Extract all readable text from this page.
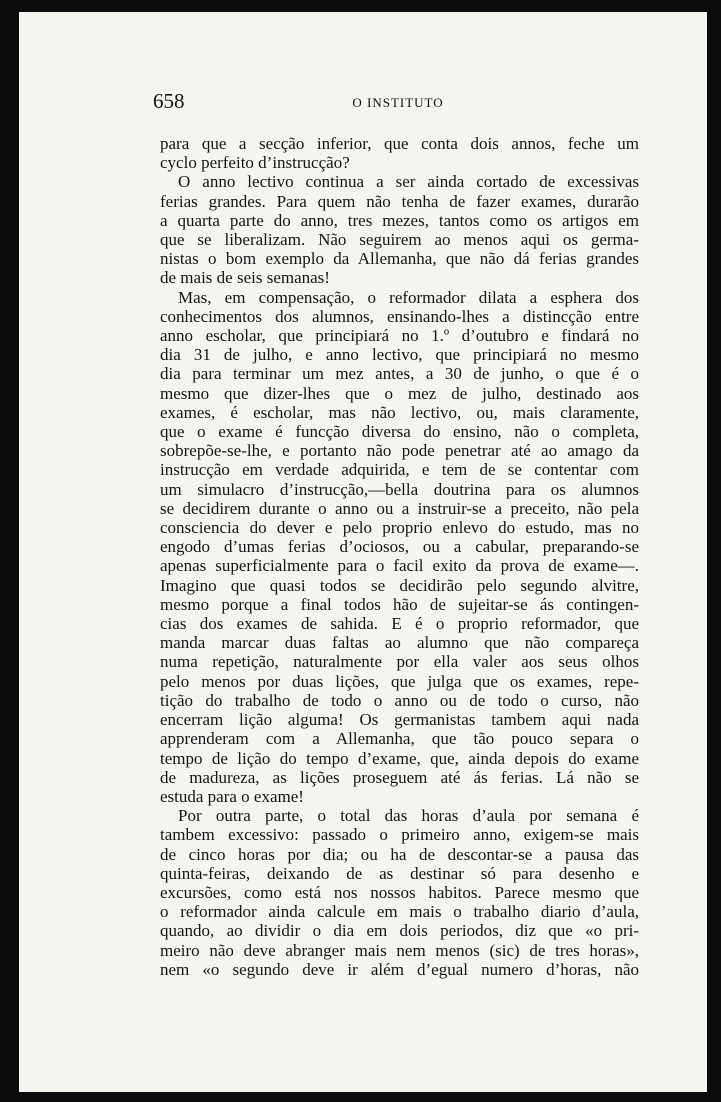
658	O INSTITUTO
para que a secção inferior, que conta dois annos, feche um
cyclo perfeito d’instrucção?
O anno lectivo continua a ser ainda cortado de excessivas
ferias grandes. Para quem não tenha de fazer exames, durarão
a quarta parte do anno, tres mezes, tantos como os artigos em
que se liberalizam. Não seguirem ao menos aqui os germa-
nistas o bom exemplo da Allemanha, que não dá ferias grandes
de mais de seis semanas!
Mas, em compensação, o reformador dilata a esphera dos
conhecimentos dos alumnos, ensinando-lhes a distincção entre
anno escholar, que principiará no 1.º d’outubro e findará no
dia 31 de julho, e anno lectivo, que principiará no mesmo
dia para terminar um mez antes, a 30 de junho, o que é o
mesmo que dizer-lhes que o mez de julho, destinado aos
exames, é escholar, mas não lectivo, ou, mais claramente,
que o exame é funcção diversa do ensino, não o completa,
sobrepõe-se-lhe, e portanto não pode penetrar até ao amago da
instrucção em verdade adquirida, e tem de se contentar com
um simulacro d’instrucção,—bella doutrina para os alumnos
se decidirem durante o anno ou a instruir-se a preceito, não pela
consciencia do dever e pelo proprio enlevo do estudo, mas no
engodo d’umas ferias d’ociosos, ou a cabular, preparando-se
apenas superficialmente para o facil exito da prova de exame—.
Imagino que quasi todos se decidirão pelo segundo alvitre,
mesmo porque a final todos hão de sujeitar-se ás contingen-
cias dos exames de sahida. E é o proprio reformador, que
manda marcar duas faltas ao alumno que não compareça
numa repetição, naturalmente por ella valer aos seus olhos
pelo menos por duas lições, que julga que os exames, repe-
tição do trabalho de todo o anno ou de todo o curso, não
encerram lição alguma! Os germanistas tambem aqui nada
apprenderam com a Allemanha, que tão pouco separa o
tempo de lição do tempo d’exame, que, ainda depois do exame
de madureza, as lições proseguem até ás ferias. Lá não se
estuda para o exame!
Por outra parte, o total das horas d’aula por semana é
tambem excessivo: passado o primeiro anno, exigem-se mais
de cinco horas por dia; ou ha de descontar-se a pausa das
quinta-feiras, deixando de as destinar só para desenho e
excursões, como está nos nossos habitos. Parece mesmo que
o reformador ainda calcule em mais o trabalho diario d’aula,
quando, ao dividir o dia em dois periodos, diz que «o pri-
meiro não deve abranger mais nem menos (sic) de tres horas»,
nem «o segundo deve ir além d’egual numero d’horas, não
